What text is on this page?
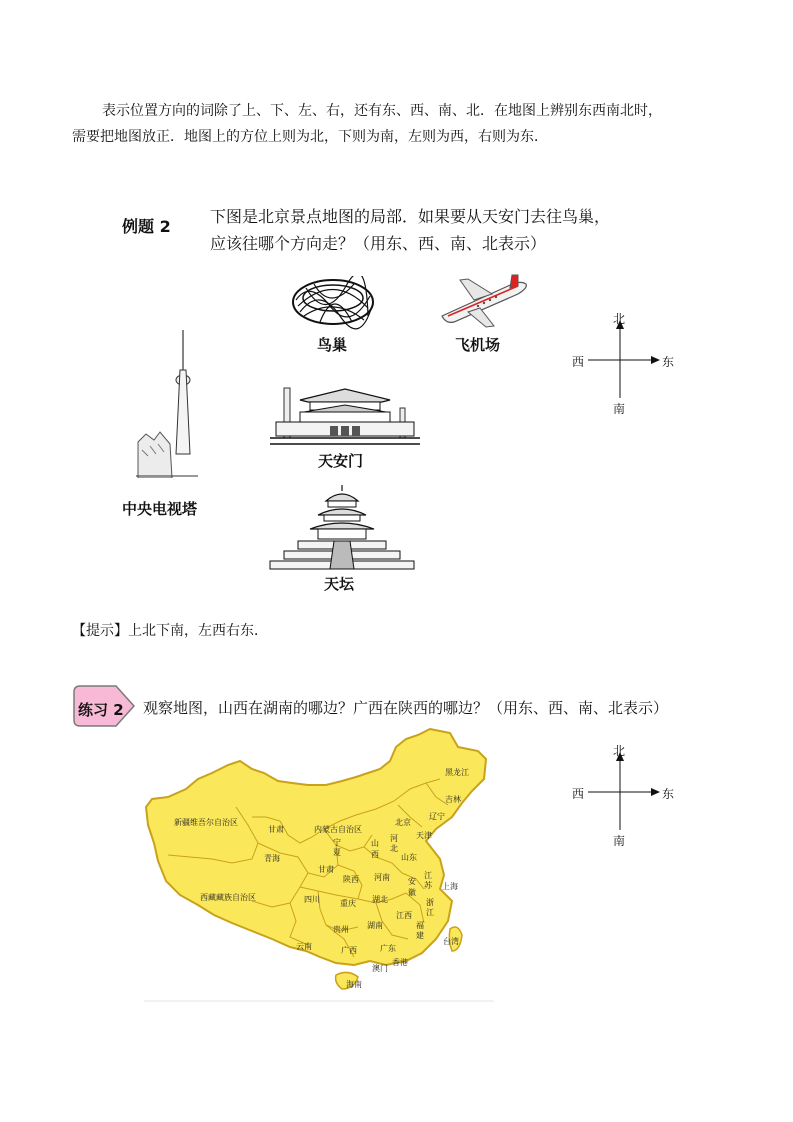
表示位置方向的词除了上、下、左、右，还有东、西、南、北．在地图上辨别东西南北时，

需要把地图放正．地图上的方位上则为北，下则为南，左则为西，右则为东．

例题 2
下图是北京景点地图的局部．如果要从天安门去往鸟巢，
应该往哪个方向走？（用东、西、南、北表示）
鸟巢	飞机场
天安门
中央电视塔
天坛
北
西	东
南
【提示】上北下南，左西右东．
练习 2 观察地图，山西在湖南的哪边？广西在陕西的哪边？（用东、西、南、北表示）
黑龙江
吉林
辽宁
新疆维吾尔自治区
甘肃	内蒙古自治区
北京
天津
河
北
山
西
宁
夏
青海	山东
甘肃
陕西 河南	江
苏
安
徽
上海
西藏藏族自治区	四川	重庆 湖北	浙
江
江西
湖南
贵州	福
建
台湾
云南	广西	广东
香港
澳门
海南
北
西	东
南
